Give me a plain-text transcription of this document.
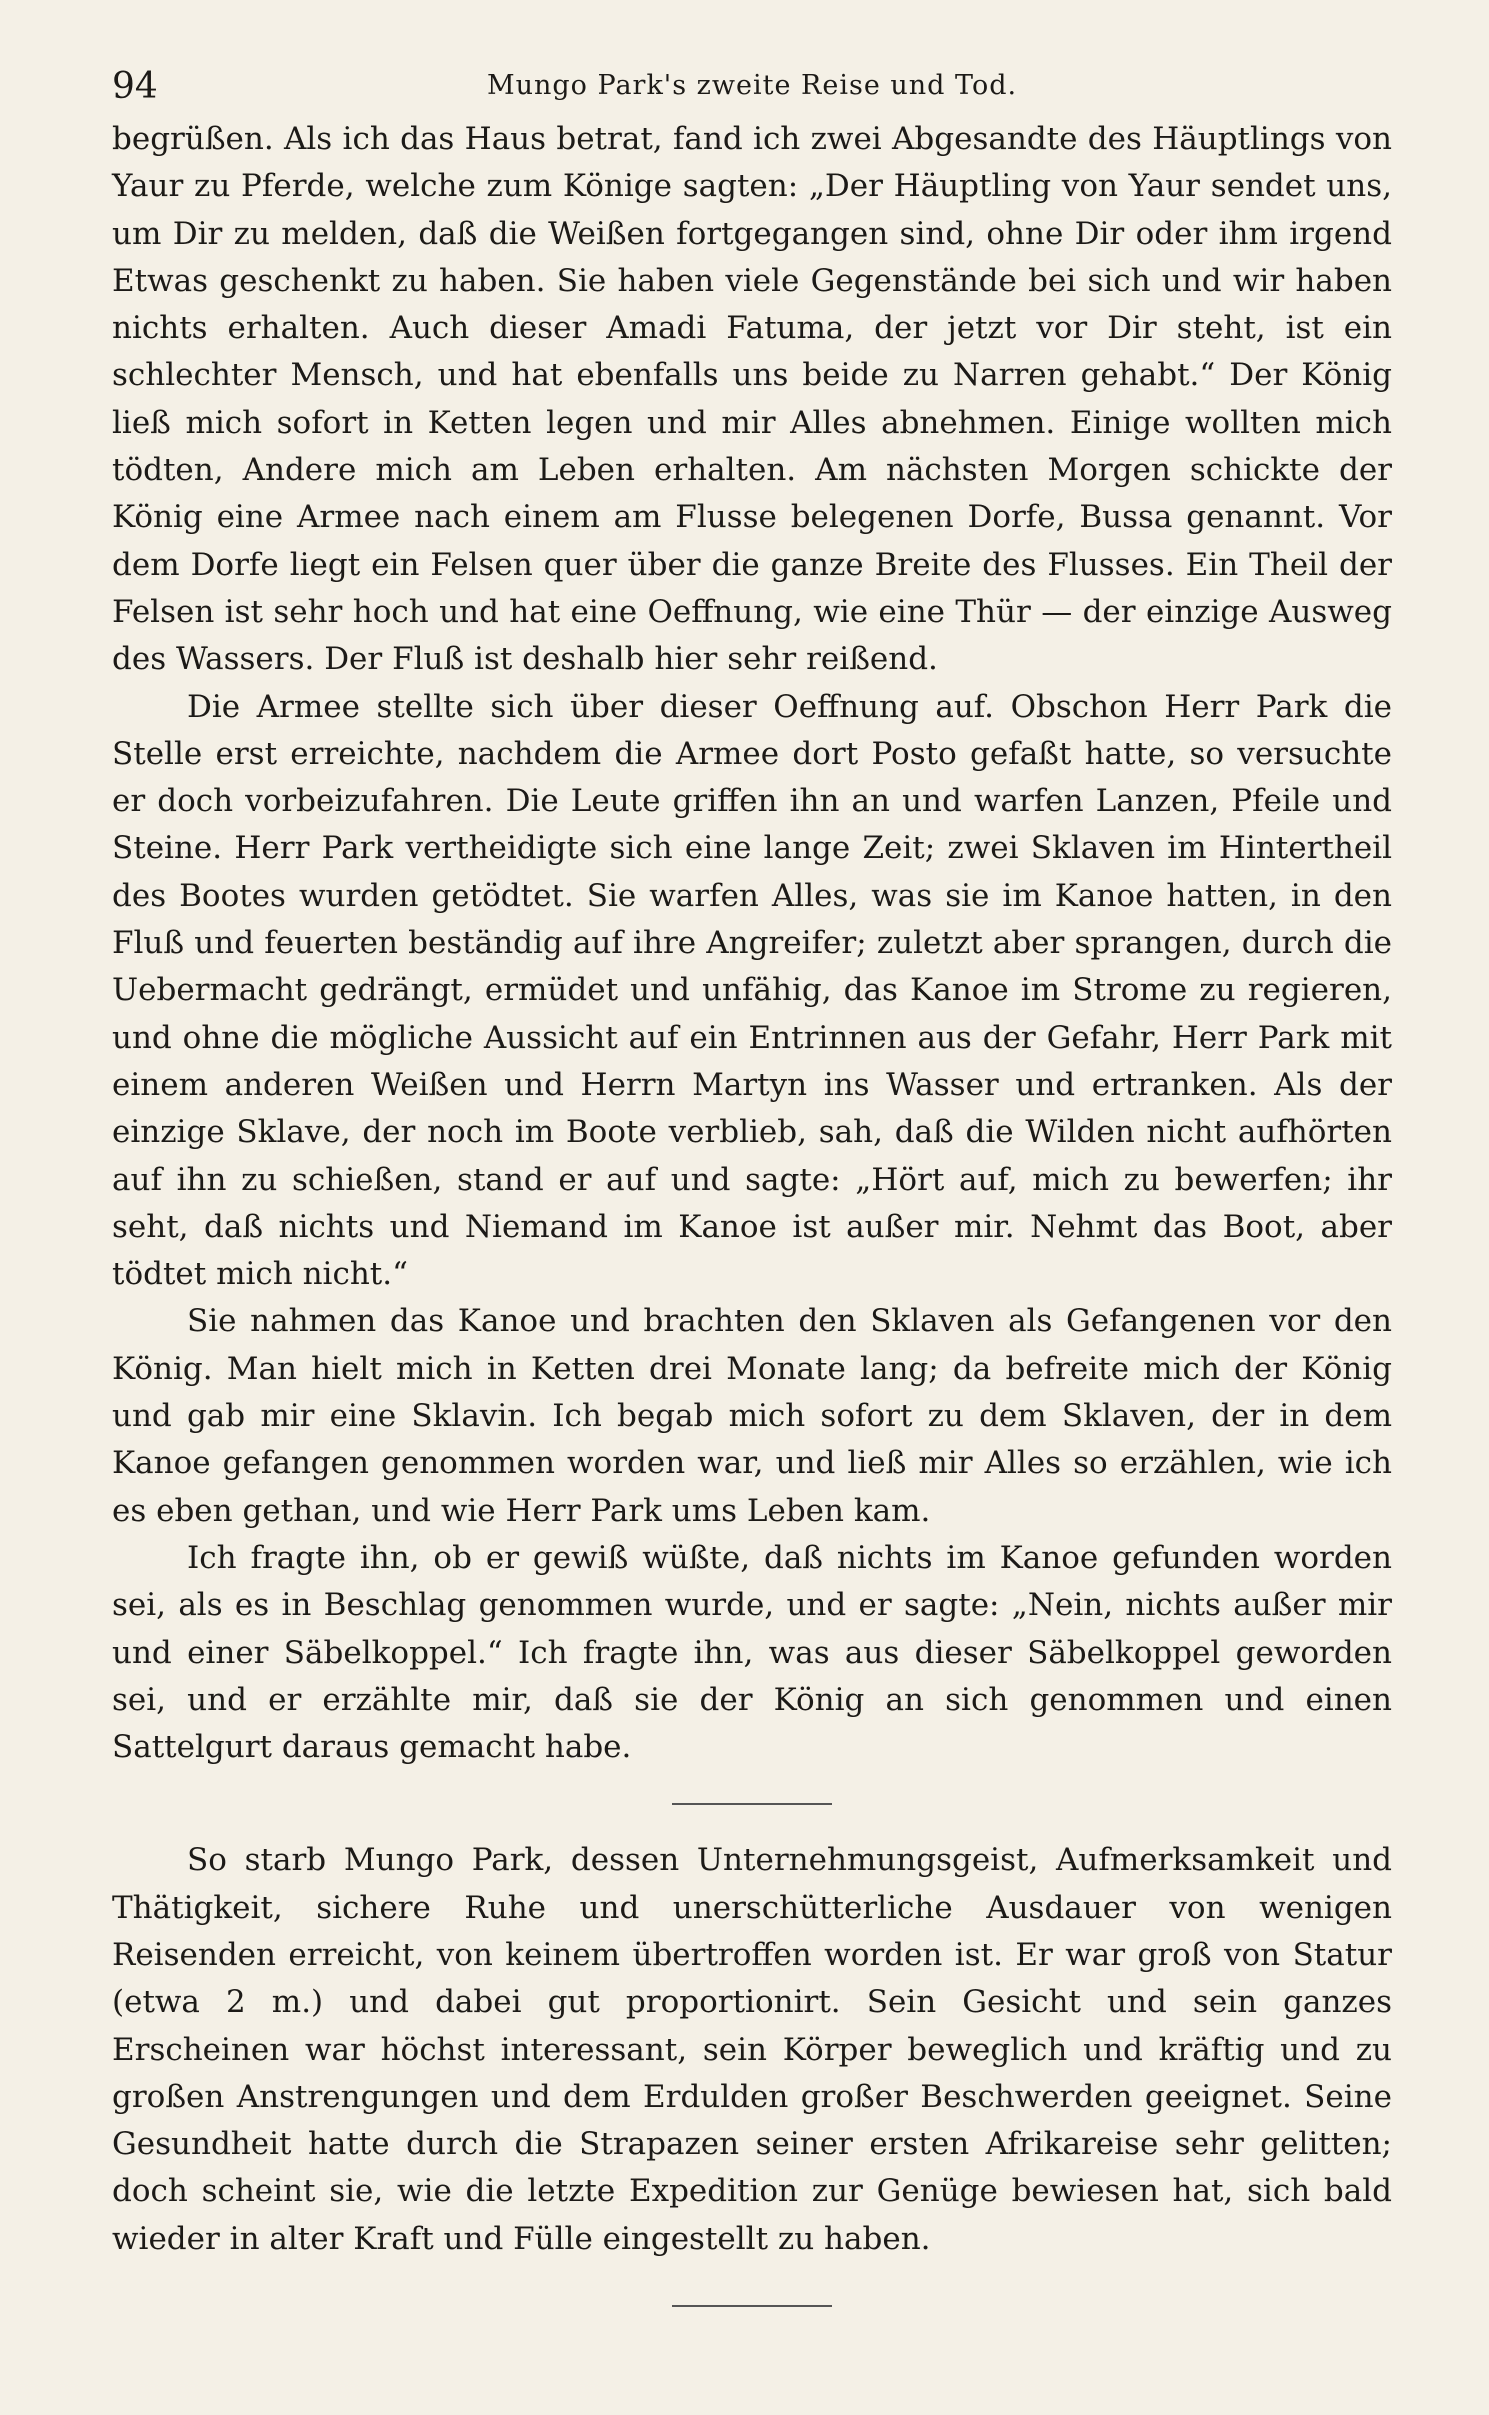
94	Mungo Park's zweite Reise und Tod.

begrüßen. Als ich das Haus betrat, fand ich zwei Abgesandte des Häuptlings von Yaur zu Pferde, welche zum Könige sagten: „Der Häuptling von Yaur sendet uns, um Dir zu melden, daß die Weißen fortgegangen sind, ohne Dir oder ihm irgend Etwas geschenkt zu haben. Sie haben viele Gegenstände bei sich und wir haben nichts erhalten. Auch dieser Amadi Fatuma, der jetzt vor Dir steht, ist ein schlechter Mensch, und hat ebenfalls uns beide zu Narren gehabt.“ Der König ließ mich sofort in Ketten legen und mir Alles abnehmen. Einige wollten mich tödten, Andere mich am Leben erhalten. Am nächsten Morgen schickte der König eine Armee nach einem am Flusse belegenen Dorfe, Bussa genannt. Vor dem Dorfe liegt ein Felsen quer über die ganze Breite des Flusses. Ein Theil der Felsen ist sehr hoch und hat eine Oeffnung, wie eine Thür — der einzige Ausweg des Wassers. Der Fluß ist deshalb hier sehr reißend.

Die Armee stellte sich über dieser Oeffnung auf. Obschon Herr Park die Stelle erst erreichte, nachdem die Armee dort Posto gefaßt hatte, so versuchte er doch vorbeizufahren. Die Leute griffen ihn an und warfen Lanzen, Pfeile und Steine. Herr Park vertheidigte sich eine lange Zeit; zwei Sklaven im Hintertheil des Bootes wurden getödtet. Sie warfen Alles, was sie im Kanoe hatten, in den Fluß und feuerten beständig auf ihre Angreifer; zuletzt aber sprangen, durch die Uebermacht gedrängt, ermüdet und unfähig, das Kanoe im Strome zu regieren, und ohne die mögliche Aussicht auf ein Entrinnen aus der Gefahr, Herr Park mit einem anderen Weißen und Herrn Martyn ins Wasser und ertranken. Als der einzige Sklave, der noch im Boote verblieb, sah, daß die Wilden nicht aufhörten auf ihn zu schießen, stand er auf und sagte: „Hört auf, mich zu bewerfen; ihr seht, daß nichts und Niemand im Kanoe ist außer mir. Nehmt das Boot, aber tödtet mich nicht.“

Sie nahmen das Kanoe und brachten den Sklaven als Gefangenen vor den König. Man hielt mich in Ketten drei Monate lang; da befreite mich der König und gab mir eine Sklavin. Ich begab mich sofort zu dem Sklaven, der in dem Kanoe gefangen genommen worden war, und ließ mir Alles so erzählen, wie ich es eben gethan, und wie Herr Park ums Leben kam.

Ich fragte ihn, ob er gewiß wüßte, daß nichts im Kanoe gefunden worden sei, als es in Beschlag genommen wurde, und er sagte: „Nein, nichts außer mir und einer Säbelkoppel.“ Ich fragte ihn, was aus dieser Säbelkoppel geworden sei, und er erzählte mir, daß sie der König an sich genommen und einen Sattelgurt daraus gemacht habe.

So starb Mungo Park, dessen Unternehmungsgeist, Aufmerksamkeit und Thätigkeit, sichere Ruhe und unerschütterliche Ausdauer von wenigen Reisenden erreicht, von keinem übertroffen worden ist. Er war groß von Statur (etwa 2 m.) und dabei gut proportionirt. Sein Gesicht und sein ganzes Erscheinen war höchst interessant, sein Körper beweglich und kräftig und zu großen Anstrengungen und dem Erdulden großer Beschwerden geeignet. Seine Gesundheit hatte durch die Strapazen seiner ersten Afrikareise sehr gelitten; doch scheint sie, wie die letzte Expedition zur Genüge bewiesen hat, sich bald wieder in alter Kraft und Fülle eingestellt zu haben.
